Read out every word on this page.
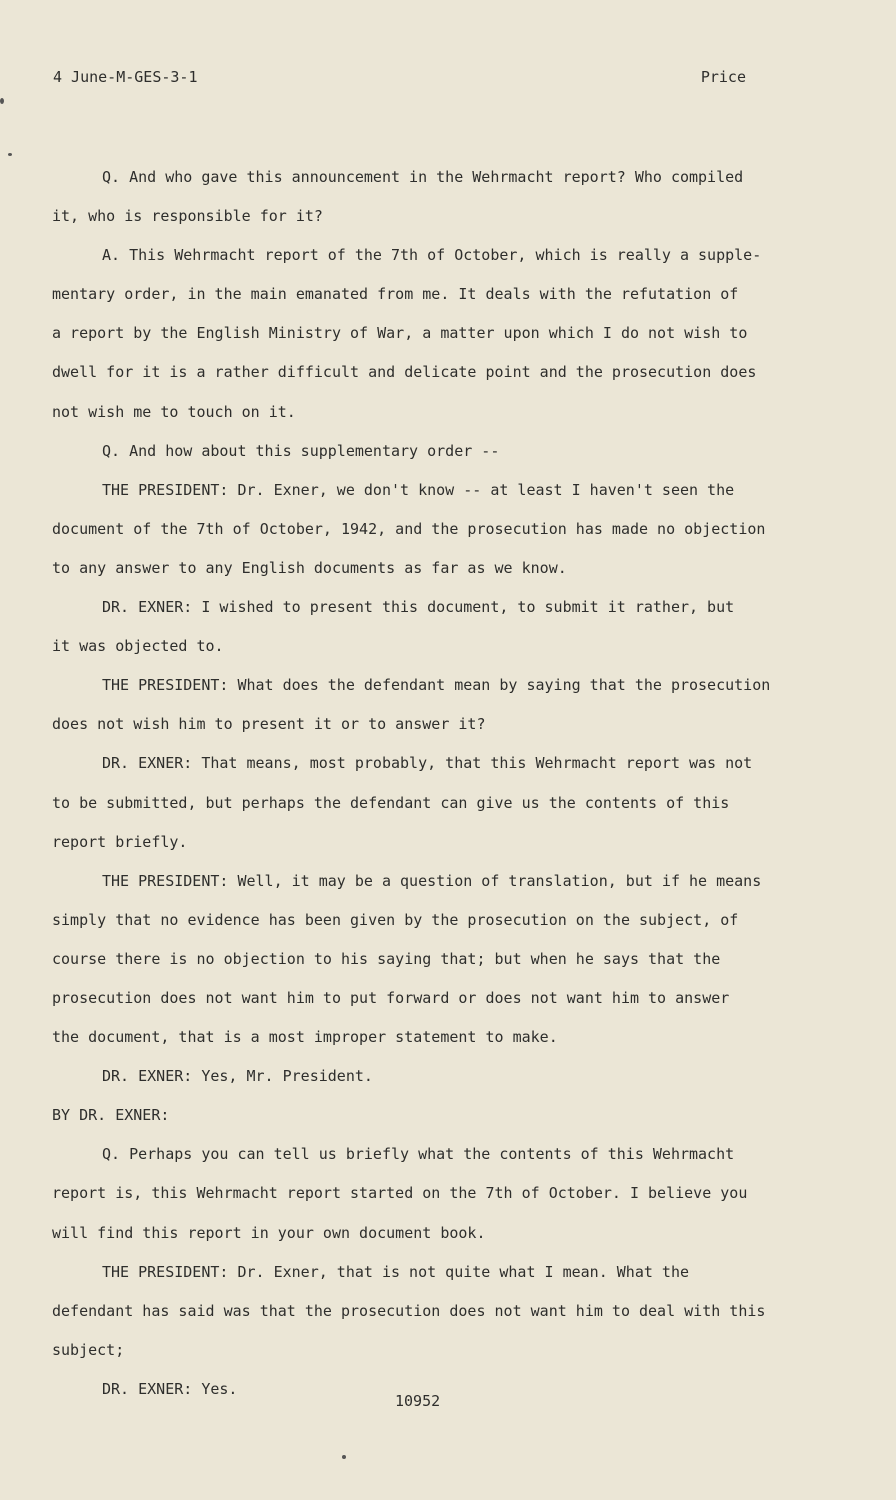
4 June-M-GES-3-1	Price
Q. And who gave this announcement in the Wehrmacht report? Who compiled
it, who is responsible for it?
A. This Wehrmacht report of the 7th of October, which is really a supple-
mentary order, in the main emanated from me. It deals with the refutation of
a report by the English Ministry of War, a matter upon which I do not wish to
dwell for it is a rather difficult and delicate point and the prosecution does
not wish me to touch on it.
Q. And how about this supplementary order --
THE PRESIDENT: Dr. Exner, we don't know -- at least I haven't seen the
document of the 7th of October, 1942, and the prosecution has made no objection
to any answer to any English documents as far as we know.
DR. EXNER: I wished to present this document, to submit it rather, but
it was objected to.
THE PRESIDENT: What does the defendant mean by saying that the prosecution
does not wish him to present it or to answer it?
DR. EXNER: That means, most probably, that this Wehrmacht report was not
to be submitted, but perhaps the defendant can give us the contents of this
report briefly.
THE PRESIDENT: Well, it may be a question of translation, but if he means
simply that no evidence has been given by the prosecution on the subject, of
course there is no objection to his saying that; but when he says that the
prosecution does not want him to put forward or does not want him to answer
the document, that is a most improper statement to make.
DR. EXNER: Yes, Mr. President.
BY DR. EXNER:
Q. Perhaps you can tell us briefly what the contents of this Wehrmacht
report is, this Wehrmacht report started on the 7th of October. I believe you
will find this report in your own document book.
THE PRESIDENT: Dr. Exner, that is not quite what I mean. What the
defendant has said was that the prosecution does not want him to deal with this
subject;
DR. EXNER: Yes.
10952
